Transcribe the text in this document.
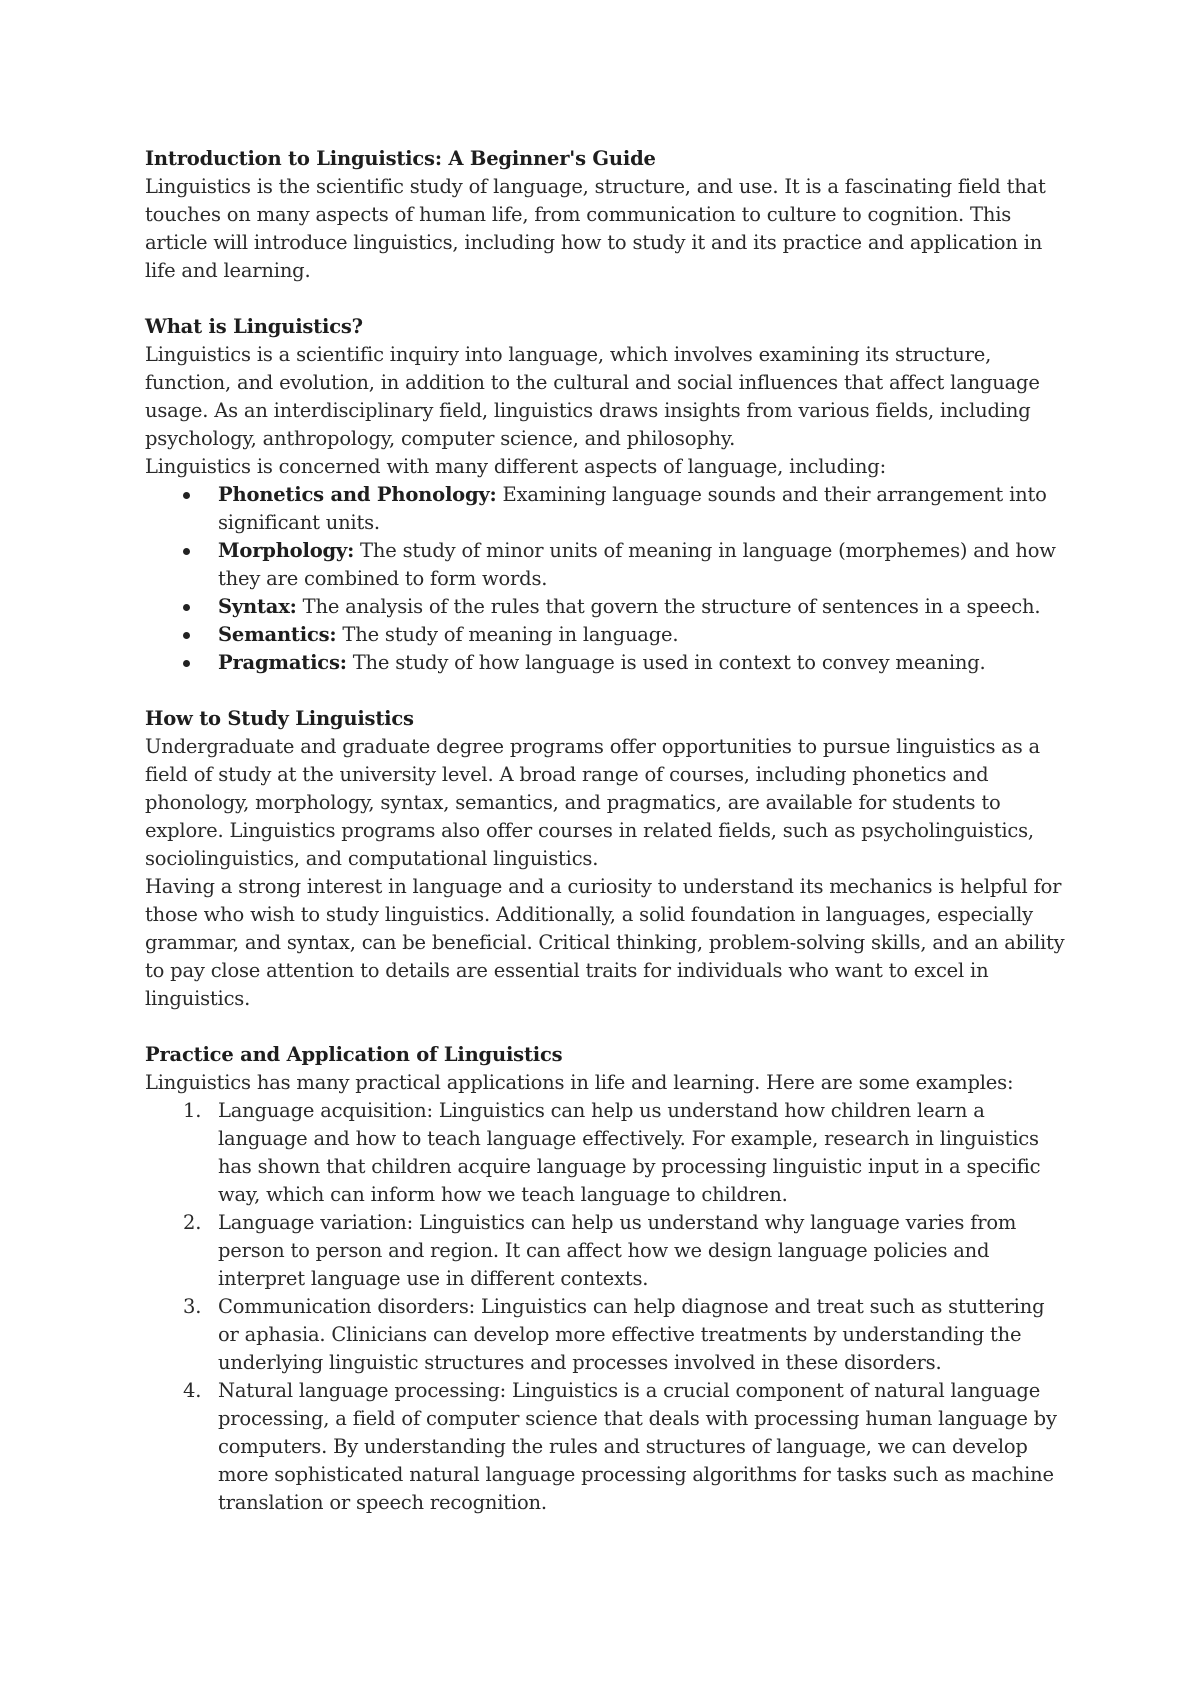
Introduction to Linguistics: A Beginner's Guide

Linguistics is the scientific study of language, structure, and use. It is a fascinating field that touches on many aspects of human life, from communication to culture to cognition. This article will introduce linguistics, including how to study it and its practice and application in life and learning.

What is Linguistics?

Linguistics is a scientific inquiry into language, which involves examining its structure, function, and evolution, in addition to the cultural and social influences that affect language usage. As an interdisciplinary field, linguistics draws insights from various fields, including psychology, anthropology, computer science, and philosophy.

Linguistics is concerned with many different aspects of language, including:

Phonetics and Phonology: Examining language sounds and their arrangement into significant units.
Morphology: The study of minor units of meaning in language (morphemes) and how they are combined to form words.
Syntax: The analysis of the rules that govern the structure of sentences in a speech.
Semantics: The study of meaning in language.
Pragmatics: The study of how language is used in context to convey meaning.
How to Study Linguistics

Undergraduate and graduate degree programs offer opportunities to pursue linguistics as a field of study at the university level. A broad range of courses, including phonetics and phonology, morphology, syntax, semantics, and pragmatics, are available for students to explore. Linguistics programs also offer courses in related fields, such as psycholinguistics, sociolinguistics, and computational linguistics.

Having a strong interest in language and a curiosity to understand its mechanics is helpful for those who wish to study linguistics. Additionally, a solid foundation in languages, especially grammar, and syntax, can be beneficial. Critical thinking, problem-solving skills, and an ability to pay close attention to details are essential traits for individuals who want to excel in linguistics.

Practice and Application of Linguistics

Linguistics has many practical applications in life and learning. Here are some examples:

1. Language acquisition: Linguistics can help us understand how children learn a language and how to teach language effectively. For example, research in linguistics has shown that children acquire language by processing linguistic input in a specific way, which can inform how we teach language to children.
2. Language variation: Linguistics can help us understand why language varies from person to person and region. It can affect how we design language policies and interpret language use in different contexts.
3. Communication disorders: Linguistics can help diagnose and treat such as stuttering or aphasia. Clinicians can develop more effective treatments by understanding the underlying linguistic structures and processes involved in these disorders.
4. Natural language processing: Linguistics is a crucial component of natural language processing, a field of computer science that deals with processing human language by computers. By understanding the rules and structures of language, we can develop more sophisticated natural language processing algorithms for tasks such as machine translation or speech recognition.
